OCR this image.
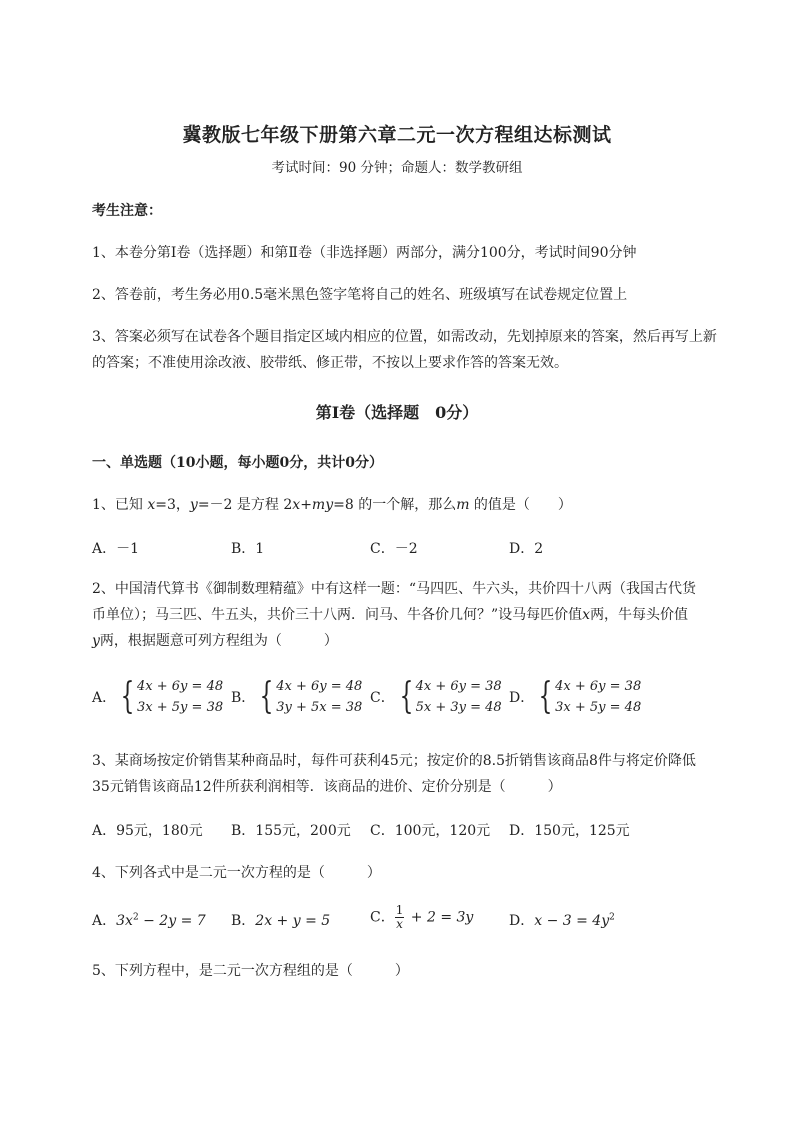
冀教版七年级下册第六章二元一次方程组达标测试
考试时间：90 分钟；命题人：数学教研组
考生注意：
1、本卷分第Ⅰ卷（选择题）和第Ⅱ卷（非选择题）两部分，满分100分，考试时间90分钟
2、答卷前，考生务必用0.5毫米黑色签字笔将自己的姓名、班级填写在试卷规定位置上
3、答案必须写在试卷各个题目指定区域内相应的位置，如需改动，先划掉原来的答案，然后再写上新
的答案；不准使用涂改液、胶带纸、修正带，不按以上要求作答的答案无效。
第Ⅰ卷（选择题　0分）
一、单选题（10小题，每小题0分，共计0分）
1、已知 x=3，y=－2 是方程 2x+my=8 的一个解，那么m 的值是（　　）
A．－1	B．1	C．－2	D．2
2、中国清代算书《御制数理精蕴》中有这样一题：“马四匹、牛六头，共价四十八两（我国古代货
币单位）；马三匹、牛五头，共价三十八两．问马、牛各价几何？”设马每匹价值x两，牛每头价值
y两，根据题意可列方程组为（　　　）
A． { 4x + 6y = 48
3x + 5y = 38
B． { 4x + 6y = 48
3y + 5x = 38
C． { 4x + 6y = 38
5x + 3y = 48
D． { 4x + 6y = 38
3x + 5y = 48
3、某商场按定价销售某种商品时，每件可获利45元；按定价的8.5折销售该商品8件与将定价降低
35元销售该商品12件所获利润相等．该商品的进价、定价分别是（　　　）
A．95元，180元 B．155元，200元 C．100元，120元 D．150元，125元
4、下列各式中是二元一次方程的是（　　　）
A．$3x^2 - 2y = 7$ B．2x + y = 5	C． $\frac{1}{x} + 2 = 3y$	D．$x - 3 = 4y^2$
5、下列方程中，是二元一次方程组的是（　　　）
